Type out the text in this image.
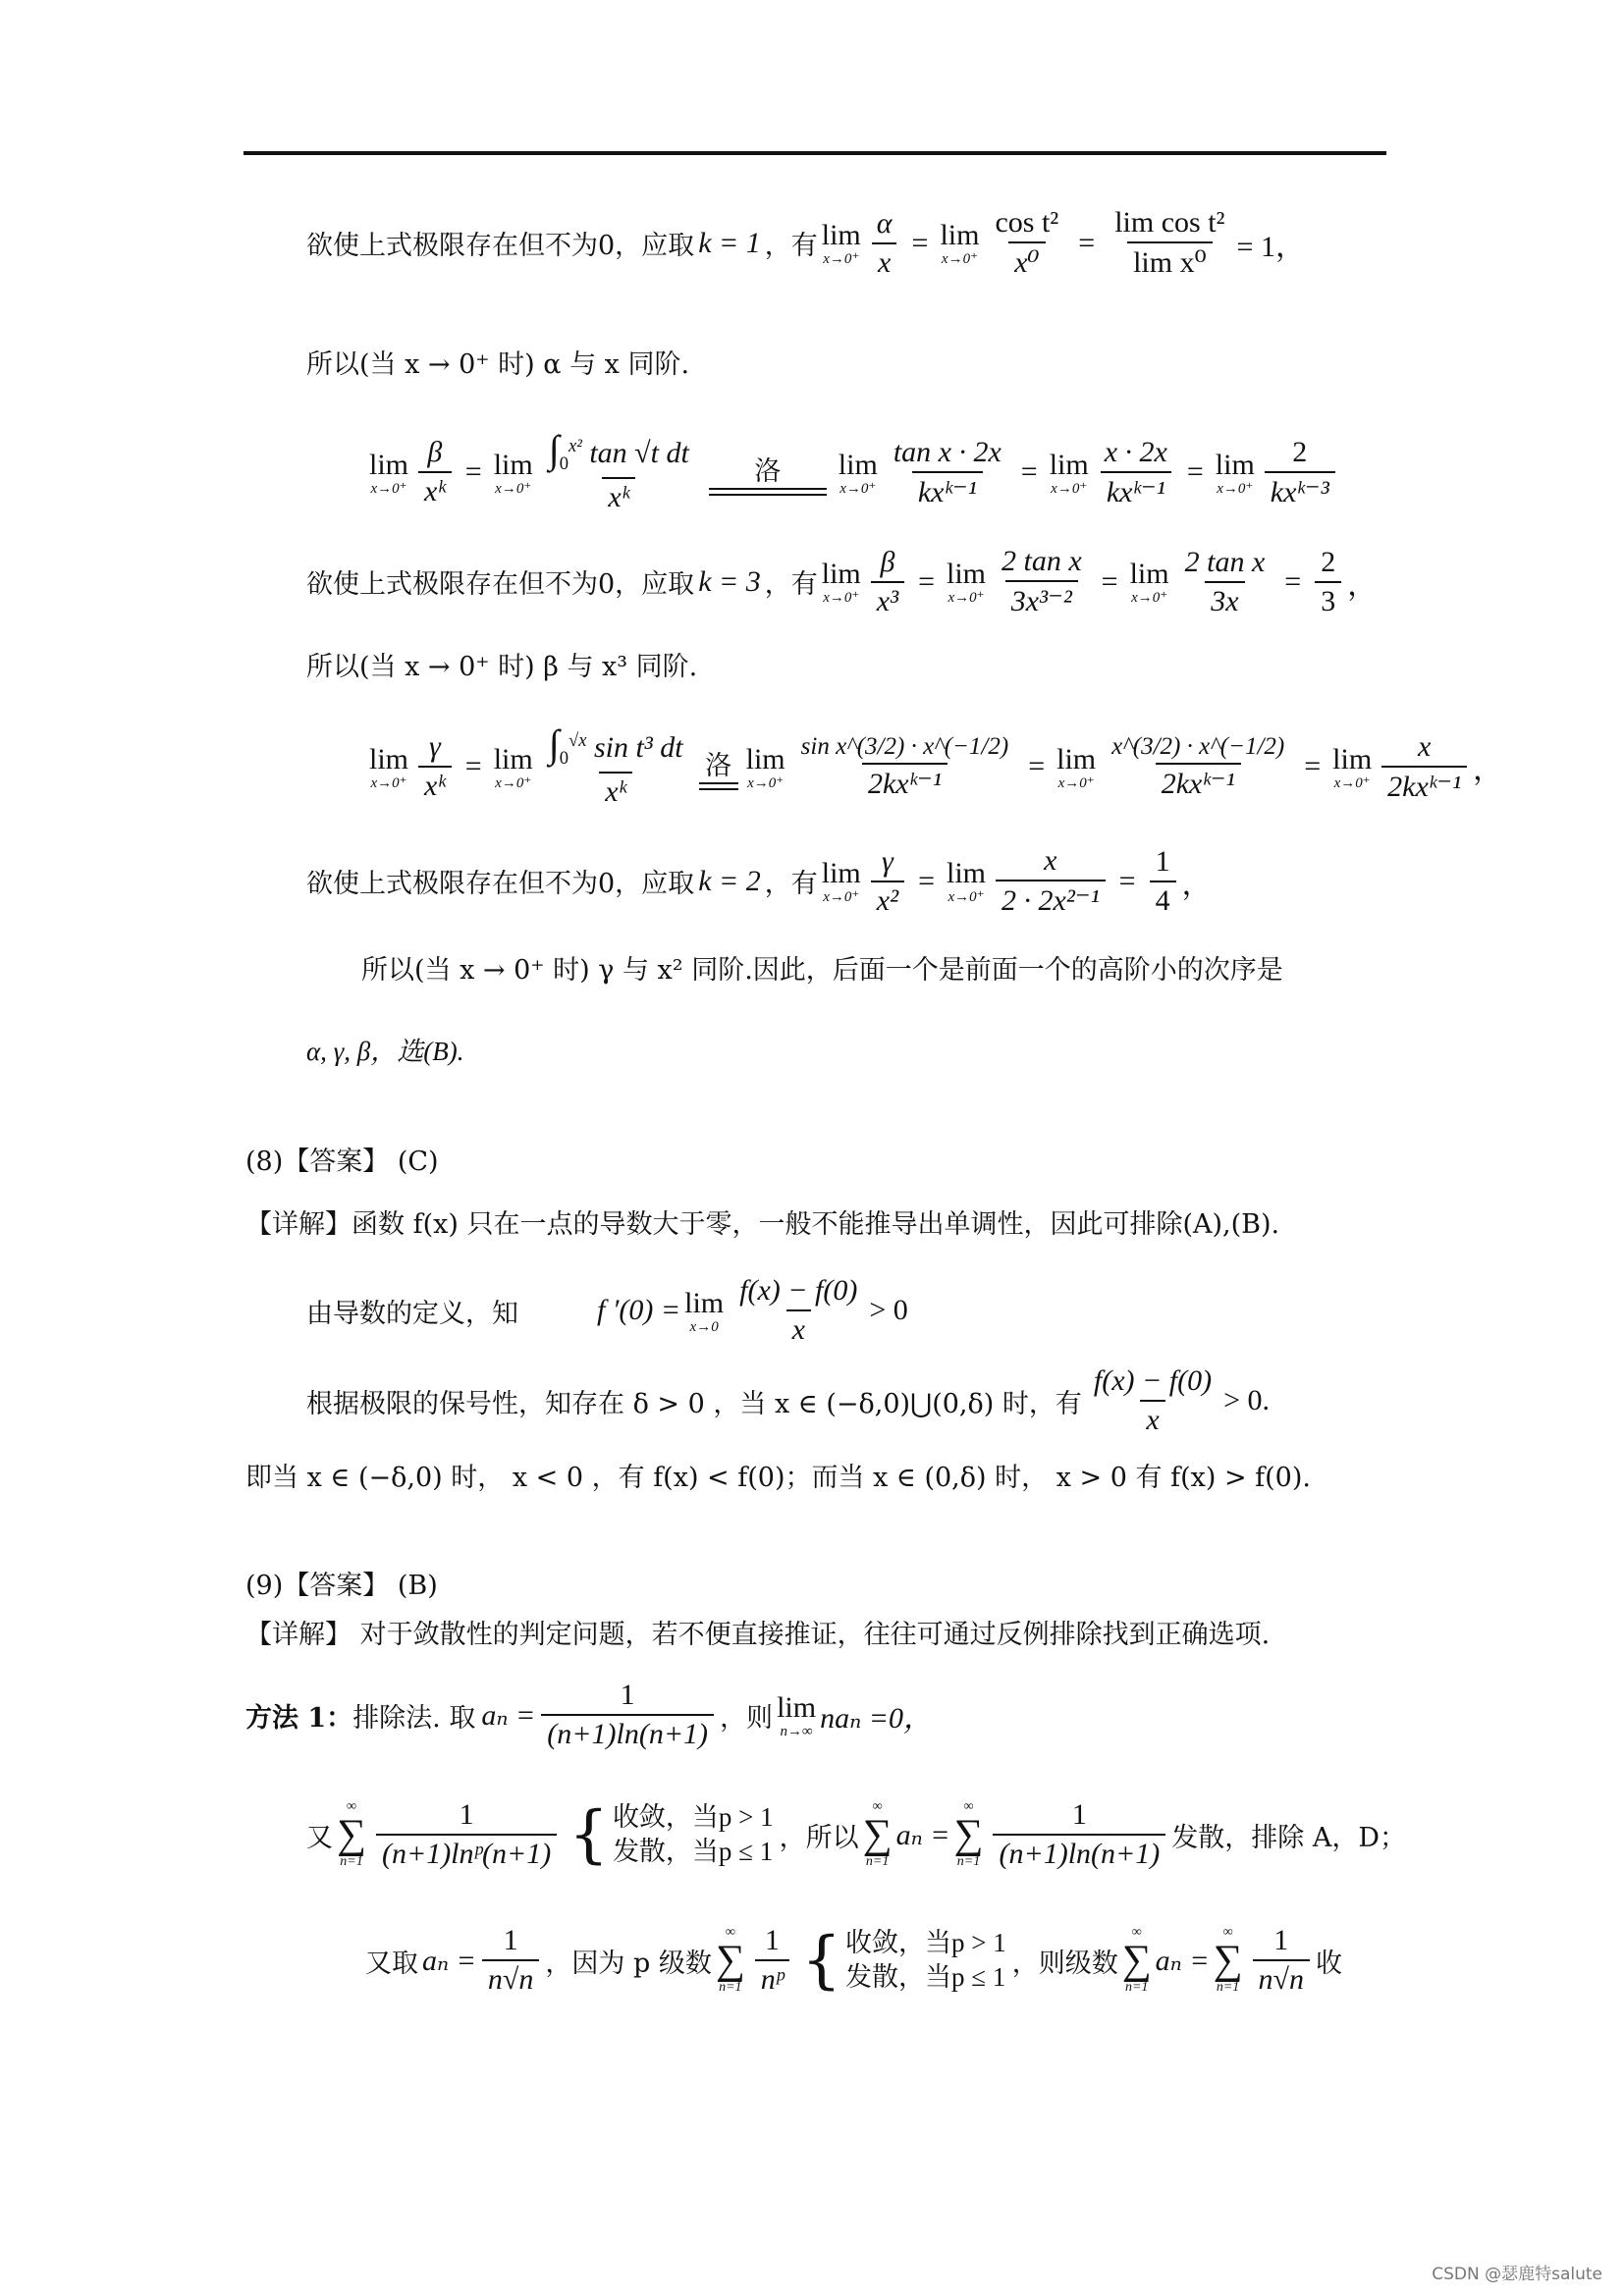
欲使上式极限存在但不为0，应取 k = 1 ，有 lim
$x\to 0^+ \frac{\alpha}{x} = \lim$
$x\to 0^+ \frac{\text{cos t²}}{\text{x⁰}} = \frac{\text{lim cos t²}}{\text{lim x⁰}} = 1$，
所以(当 x → 0⁺ 时) α 与 x 同阶.
lim
$x\to 0^+ \frac{\beta}{\text{xᵏ}} = \lim$
$x\to 0^+ \frac{\int_0^{x^2} \tan √t dt}{\text{xᵏ}}$ 洛 lim
$x\to 0^+ \frac{\text{tan x · 2x}}{\text{kxᵏ⁻¹}} = \lim$
$x\to 0^+ \frac{x \cdot 2x}{\text{kxᵏ⁻¹}} = \lim$
$x\to 0^+ \frac{2}{\text{kxᵏ⁻³}}$
欲使上式极限存在但不为0，应取 k = 3 ，有 lim
$x\to 0^+ \frac{\beta}{\text{x³}} = \lim$
$x\to 0^+ \frac{\text{2 tan x}}{\text{3x³⁻²}} = \lim$
$x\to 0^+ \frac{\text{2 tan x}}{3x} = \frac{2}{3}$ ，
所以(当 x → 0⁺ 时) β 与 x³ 同阶.
lim
$x\to 0^+ \frac{\gamma}{\text{xᵏ}} = \lim$
$x\to 0^+ \frac{\int_0^{√x} \sin t^3 dt}{\text{xᵏ}}$ 洛 lim
$x\to 0^+ \frac{\text{sin x\textasciicircum{}(3/2) · x\textasciicircum{}(−1/2)}}{\text{2kxᵏ⁻¹}} = \lim$
$x\to 0^+ \frac{x\^{}(3/2) \cdot x\^{}(-1/2)}{\text{2kxᵏ⁻¹}} = \lim$
$x\to 0^+ \frac{x}{\text{2kxᵏ⁻¹}}$ ，
欲使上式极限存在但不为0，应取 k = 2 ，有 lim
$x\to 0^+ \frac{\gamma}{\text{x²}} = \lim$
$x\to 0^+ \frac{x}{\text{2 · 2x²⁻¹}} = \frac{1}{4}$ ，
所以(当 x → 0⁺ 时) γ 与 x² 同阶.因此，后面一个是前面一个的高阶小的次序是
α, γ, β，选(B).
(8)【答案】 (C)
【详解】函数 f(x) 只在一点的导数大于零，一般不能推导出单调性，因此可排除(A),(B).
由导数的定义，知	f ′(0) = lim
$x\to 0 \frac{f(x) - f(0)}{x} > 0$
根据极限的保号性，知存在 δ > 0 ，当 x ∈ (−δ,0)⋃(0,δ) 时，有 $\frac{f(x) - f(0)}{x} > 0$.
即当 x ∈ (−δ,0) 时， x < 0 ，有 f(x) < f(0)；而当 x ∈ (0,δ) 时， x > 0 有 f(x) > f(0).
(9)【答案】 (B)
【详解】 对于敛散性的判定问题，若不便直接推证，往往可通过反例排除找到正确选项.
方法 1： 排除法. 取 $a_n = \frac{1}{(n+1)\ln(n+1)}$ ，则 lim
n→∞ naₙ =0，
又
∞
∑
$n=1 \frac{1}{\text{(n+1)lnᵖ(n+1)}}$ { 收敛，当p > 1
发散，当p ≤ 1 ，所以
∞
∑
n=1
aₙ =
∞
∑
$n=1 \frac{1}{(n+1)\ln(n+1)}$ 发散，排除 A，D；
又取 $a_n = \frac{1}{n√n}$ ，因为 p 级数
∞
∑
$n=1 \frac{1}{\text{nᵖ}}$ { 收敛，当p > 1
发散，当p ≤ 1 ，则级数
∞
∑
n=1
aₙ =
∞
∑
$n=1 \frac{1}{n√n}$ 收
CSDN @瑟鹿特salute
